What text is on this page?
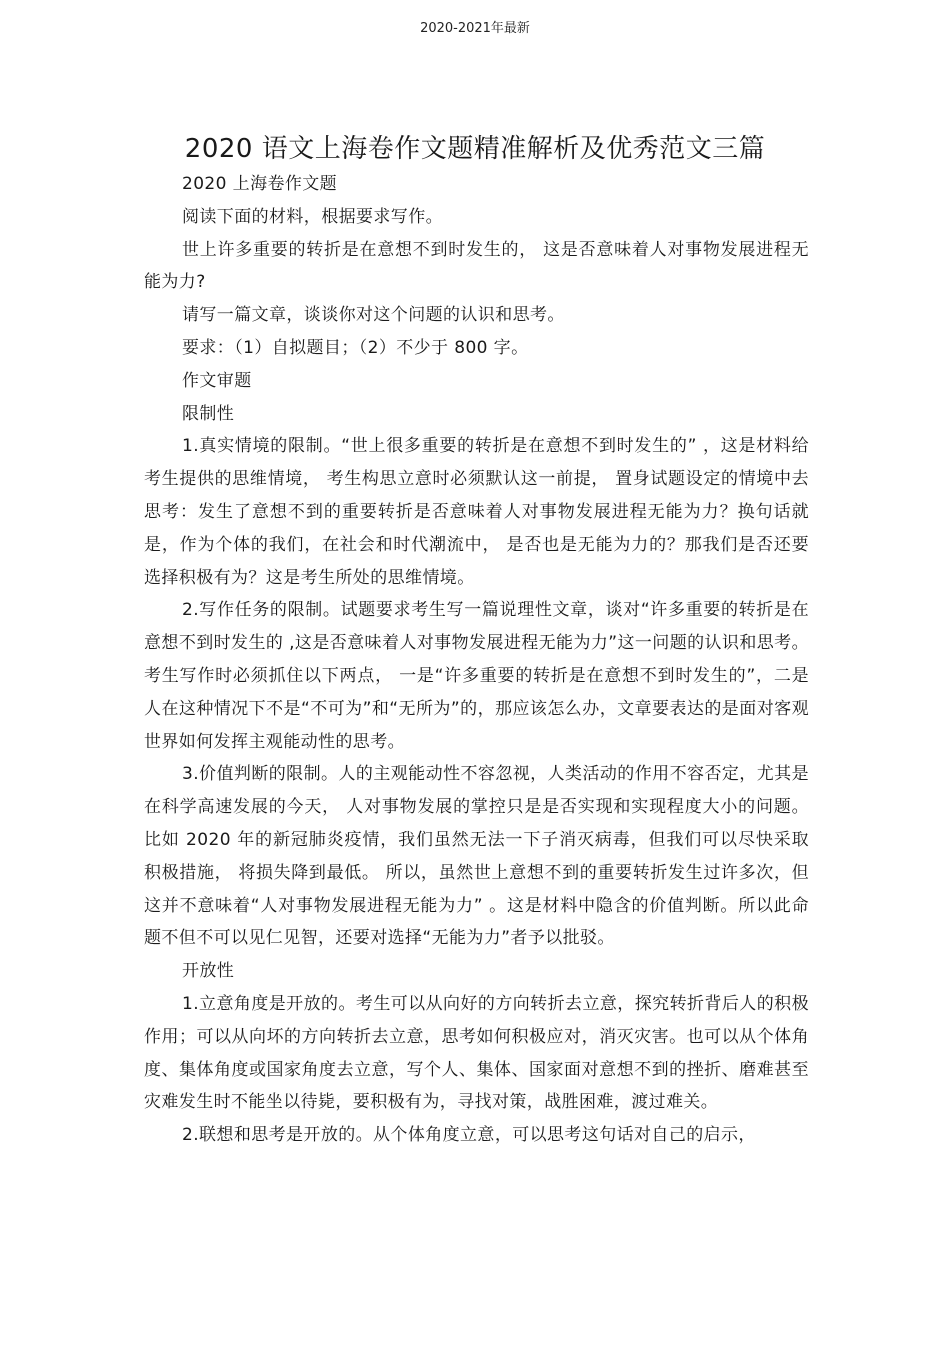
2020-2021年最新
2020 语文上海卷作文题精准解析及优秀范文三篇

2020 上海卷作文题

阅读下面的材料，根据要求写作。

世上许多重要的转折是在意想不到时发生的， 这是否意味着人对事物发展进程无能为力?

请写一篇文章，谈谈你对这个问题的认识和思考。

要求：（1）自拟题目；（2）不少于 800 字。

作文审题

限制性

1.真实情境的限制。“世上很多重要的转折是在意想不到时发生的” ，这是材料给考生提供的思维情境， 考生构思立意时必须默认这一前提， 置身试题设定的情境中去思考：发生了意想不到的重要转折是否意味着人对事物发展进程无能为力？换句话就是，作为个体的我们，在社会和时代潮流中， 是否也是无能为力的？那我们是否还要选择积极有为？这是考生所处的思维情境。

2.写作任务的限制。试题要求考生写一篇说理性文章，谈对“许多重要的转折是在意想不到时发生的 ,这是否意味着人对事物发展进程无能为力”这一问题的认识和思考。考生写作时必须抓住以下两点， 一是“许多重要的转折是在意想不到时发生的”，二是人在这种情况下不是“不可为”和“无所为”的，那应该怎么办，文章要表达的是面对客观世界如何发挥主观能动性的思考。

3.价值判断的限制。人的主观能动性不容忽视，人类活动的作用不容否定，尤其是在科学高速发展的今天， 人对事物发展的掌控只是是否实现和实现程度大小的问题。比如 2020 年的新冠肺炎疫情，我们虽然无法一下子消灭病毒，但我们可以尽快采取积极措施， 将损失降到最低。 所以，虽然世上意想不到的重要转折发生过许多次，但这并不意味着“人对事物发展进程无能为力” 。这是材料中隐含的价值判断。所以此命题不但不可以见仁见智，还要对选择“无能为力”者予以批驳。

开放性

1.立意角度是开放的。考生可以从向好的方向转折去立意，探究转折背后人的积极作用；可以从向坏的方向转折去立意，思考如何积极应对，消灭灾害。也可以从个体角度、集体角度或国家角度去立意，写个人、集体、国家面对意想不到的挫折、磨难甚至灾难发生时不能坐以待毙，要积极有为，寻找对策，战胜困难，渡过难关。

2.联想和思考是开放的。从个体角度立意，可以思考这句话对自己的启示，
